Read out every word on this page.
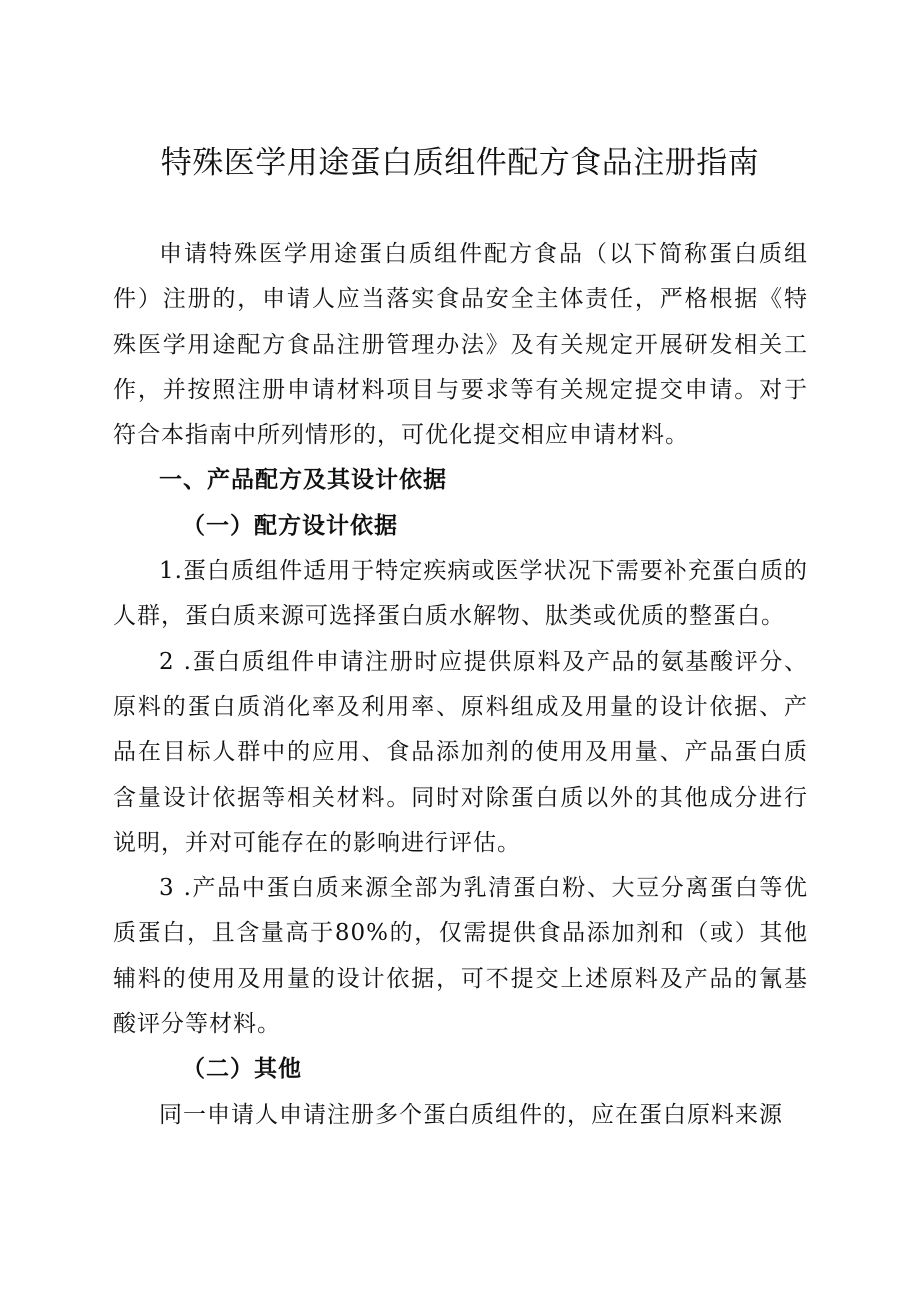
特殊医学用途蛋白质组件配方食品注册指南

申请特殊医学用途蛋白质组件配方食品（以下简称蛋白质组件）注册的，申请人应当落实食品安全主体责任，严格根据《特殊医学用途配方食品注册管理办法》及有关规定开展研发相关工作，并按照注册申请材料项目与要求等有关规定提交申请。对于符合本指南中所列情形的，可优化提交相应申请材料。

一、产品配方及其设计依据

（一）配方设计依据

1.蛋白质组件适用于特定疾病或医学状况下需要补充蛋白质的人群，蛋白质来源可选择蛋白质水解物、肽类或优质的整蛋白。

2 .蛋白质组件申请注册时应提供原料及产品的氨基酸评分、原料的蛋白质消化率及利用率、原料组成及用量的设计依据、产品在目标人群中的应用、食品添加剂的使用及用量、产品蛋白质含量设计依据等相关材料。同时对除蛋白质以外的其他成分进行说明，并对可能存在的影响进行评估。

3 .产品中蛋白质来源全部为乳清蛋白粉、大豆分离蛋白等优质蛋白，且含量高于80%的，仅需提供食品添加剂和（或）其他辅料的使用及用量的设计依据，可不提交上述原料及产品的氰基酸评分等材料。

（二）其他

同一申请人申请注册多个蛋白质组件的，应在蛋白原料来源
